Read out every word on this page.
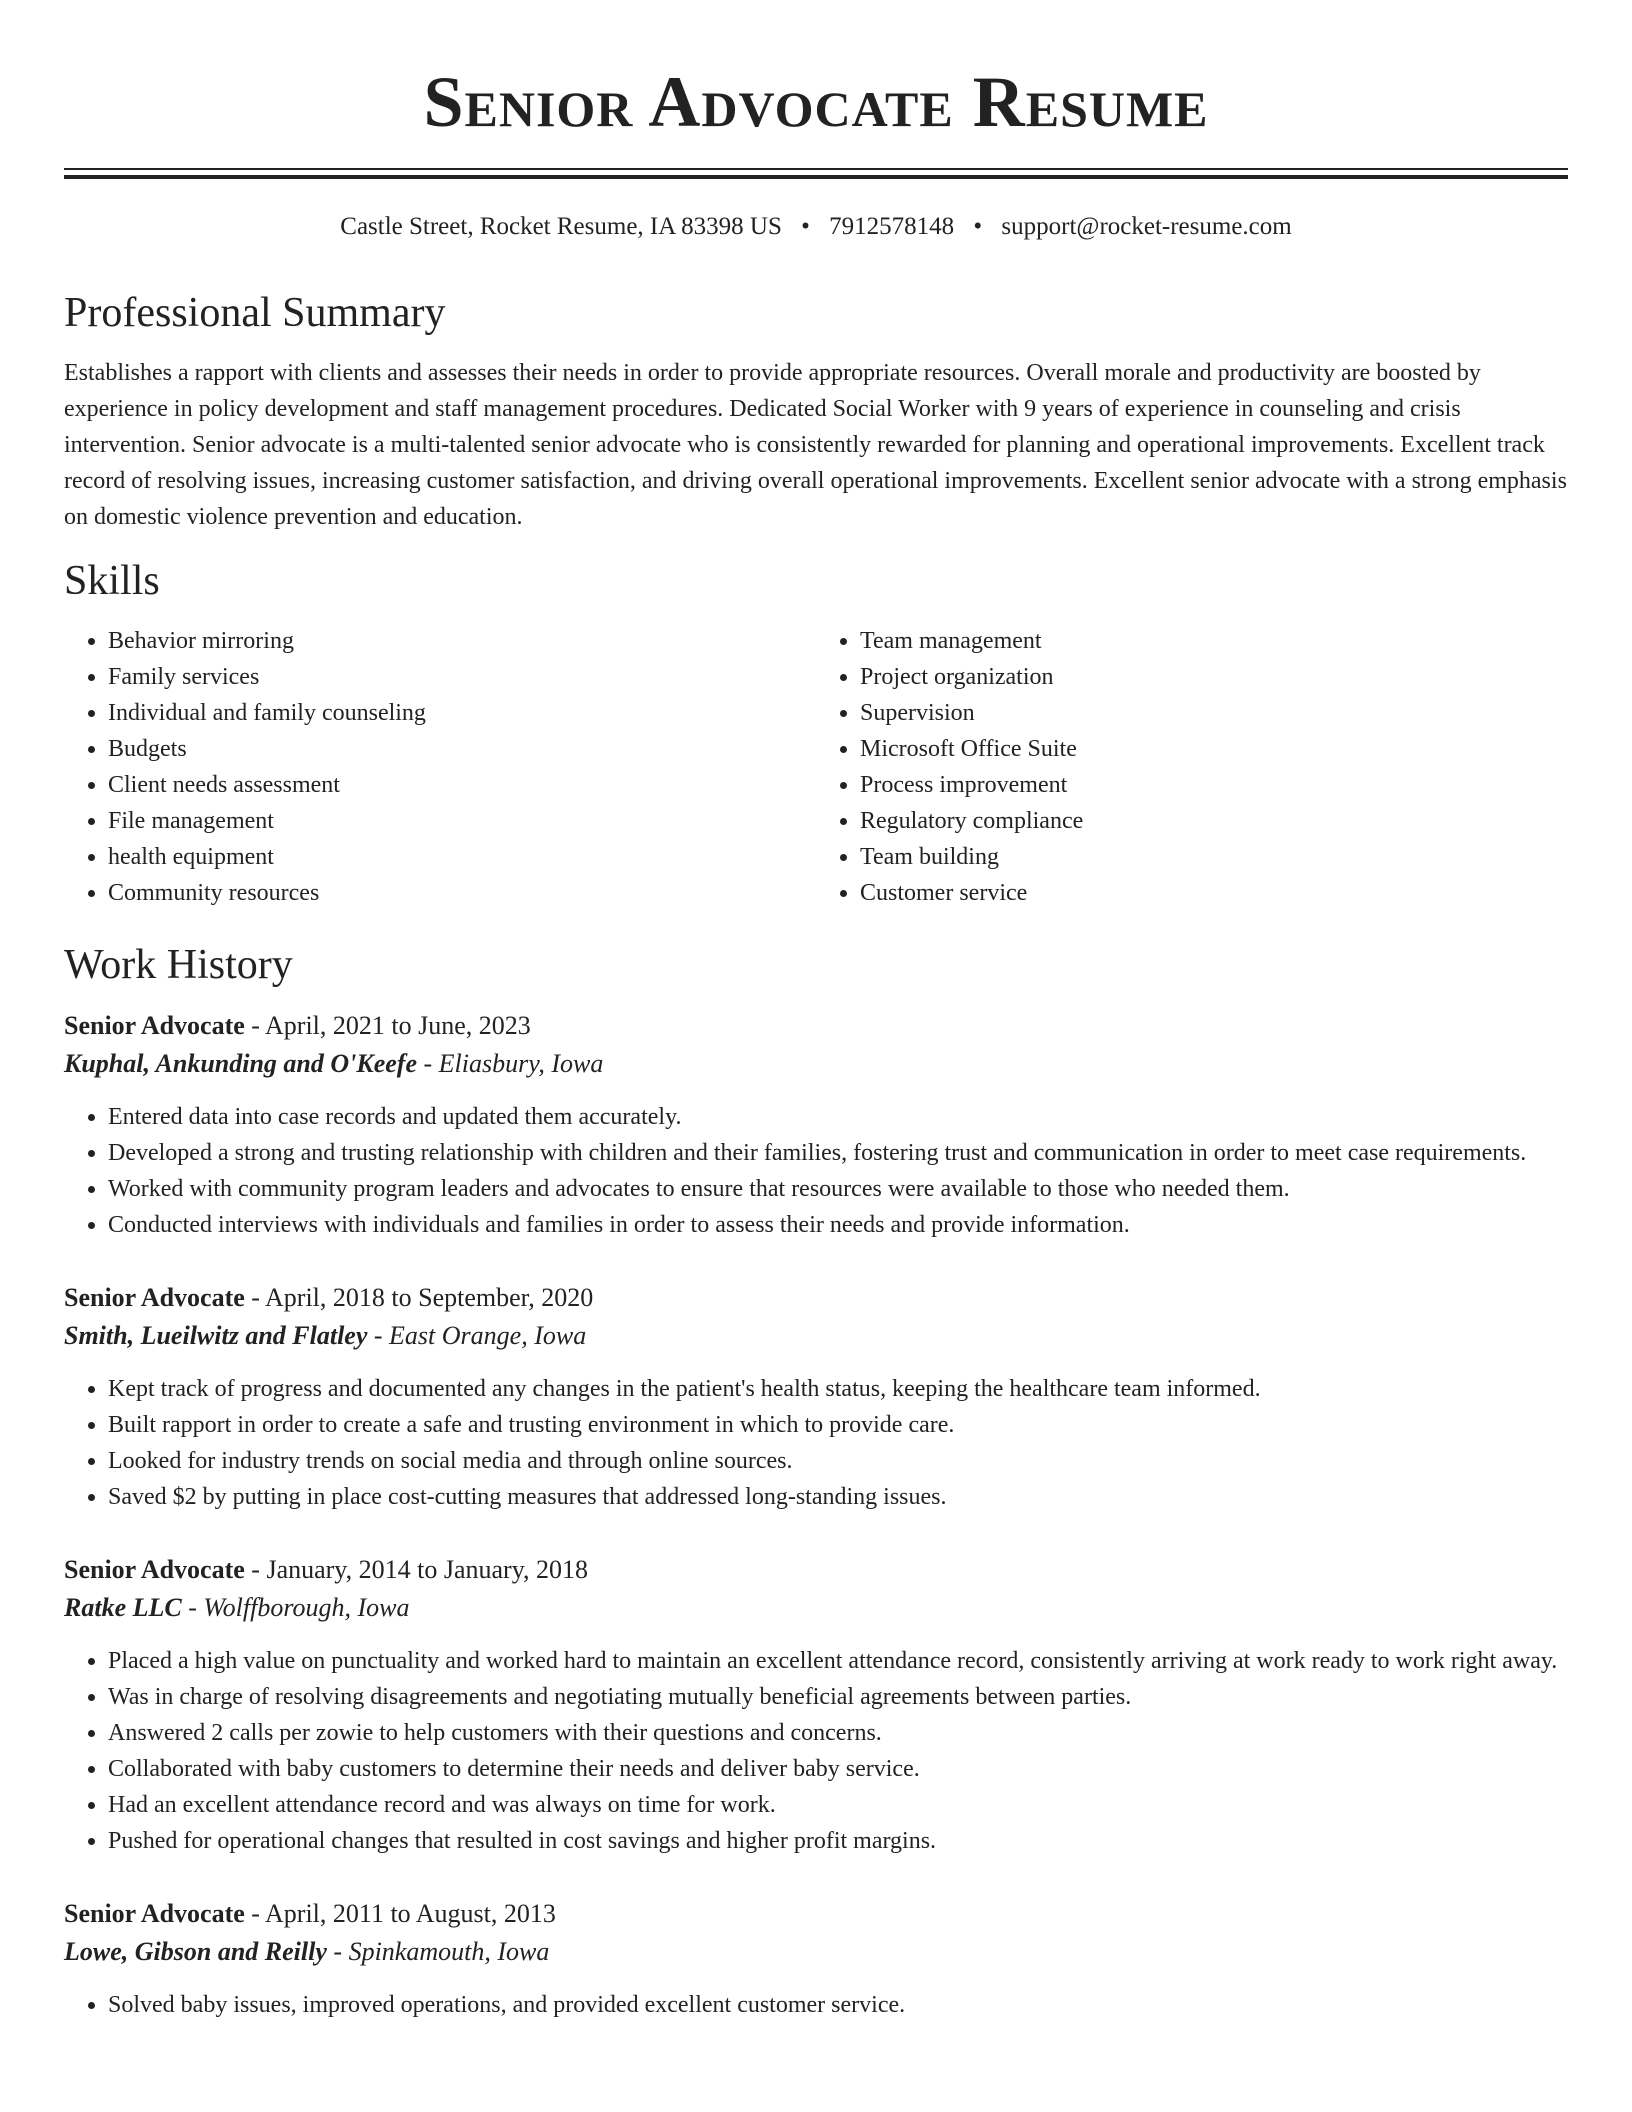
Senior Advocate Resume
Castle Street, Rocket Resume, IA 83398 US • 7912578148 • support@rocket-resume.com
Professional Summary
Establishes a rapport with clients and assesses their needs in order to provide appropriate resources. Overall morale and productivity are boosted by experience in policy development and staff management procedures. Dedicated Social Worker with 9 years of experience in counseling and crisis intervention. Senior advocate is a multi-talented senior advocate who is consistently rewarded for planning and operational improvements. Excellent track record of resolving issues, increasing customer satisfaction, and driving overall operational improvements. Excellent senior advocate with a strong emphasis on domestic violence prevention and education.
Skills
• Behavior mirroring
• Family services
• Individual and family counseling
• Budgets
• Client needs assessment
• File management
• health equipment
• Community resources
• Team management
• Project organization
• Supervision
• Microsoft Office Suite
• Process improvement
• Regulatory compliance
• Team building
• Customer service
Work History
Senior Advocate - April, 2021 to June, 2023
Kuphal, Ankunding and O'Keefe - Eliasbury, Iowa
• Entered data into case records and updated them accurately.
• Developed a strong and trusting relationship with children and their families, fostering trust and communication in order to meet case requirements.
• Worked with community program leaders and advocates to ensure that resources were available to those who needed them.
• Conducted interviews with individuals and families in order to assess their needs and provide information.
Senior Advocate - April, 2018 to September, 2020
Smith, Lueilwitz and Flatley - East Orange, Iowa
• Kept track of progress and documented any changes in the patient's health status, keeping the healthcare team informed.
• Built rapport in order to create a safe and trusting environment in which to provide care.
• Looked for industry trends on social media and through online sources.
• Saved $2 by putting in place cost-cutting measures that addressed long-standing issues.
Senior Advocate - January, 2014 to January, 2018
Ratke LLC - Wolffborough, Iowa
• Placed a high value on punctuality and worked hard to maintain an excellent attendance record, consistently arriving at work ready to work right away.
• Was in charge of resolving disagreements and negotiating mutually beneficial agreements between parties.
• Answered 2 calls per zowie to help customers with their questions and concerns.
• Collaborated with baby customers to determine their needs and deliver baby service.
• Had an excellent attendance record and was always on time for work.
• Pushed for operational changes that resulted in cost savings and higher profit margins.
Senior Advocate - April, 2011 to August, 2013
Lowe, Gibson and Reilly - Spinkamouth, Iowa
• Solved baby issues, improved operations, and provided excellent customer service.
